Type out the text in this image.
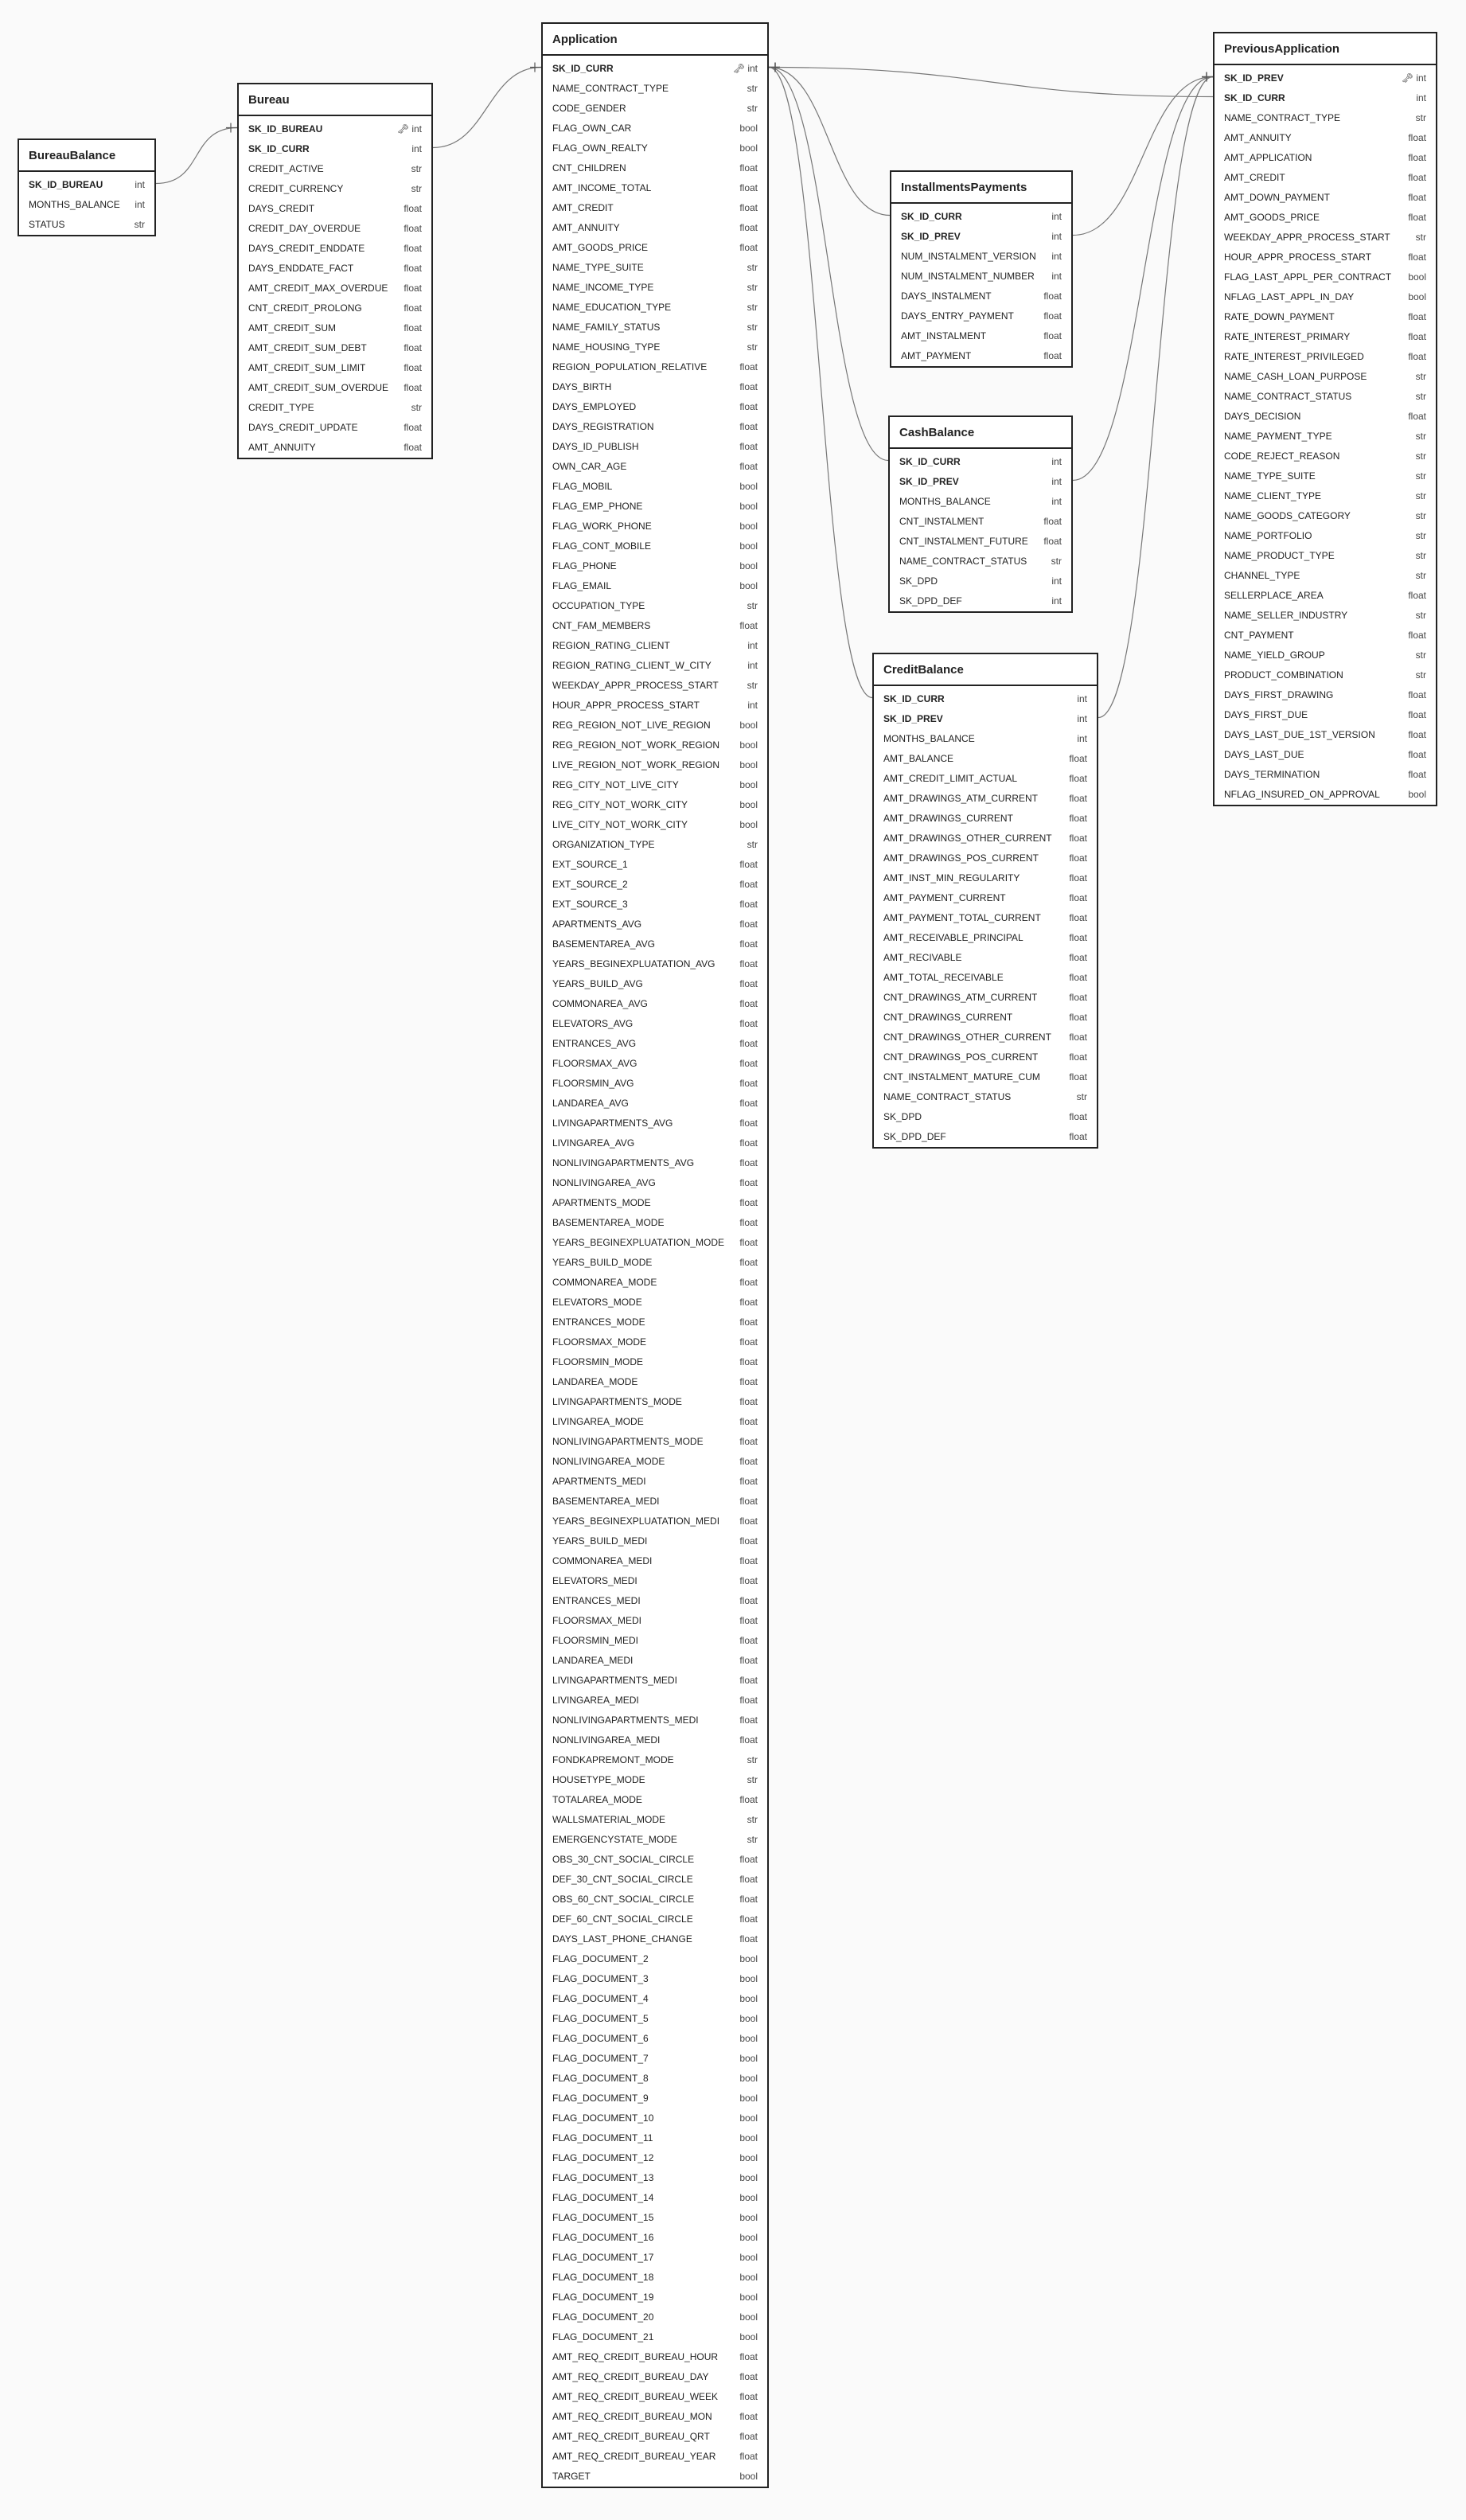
BureauBalance
SK_ID_BUREAU	int
MONTHS_BALANCE	int
STATUS	str
Bureau
SK_ID_BUREAU	🗝 int
SK_ID_CURR	int
CREDIT_ACTIVE	str
CREDIT_CURRENCY	str
DAYS_CREDIT	float
CREDIT_DAY_OVERDUE	float
DAYS_CREDIT_ENDDATE	float
DAYS_ENDDATE_FACT	float
AMT_CREDIT_MAX_OVERDUE	float
CNT_CREDIT_PROLONG	float
AMT_CREDIT_SUM	float
AMT_CREDIT_SUM_DEBT	float
AMT_CREDIT_SUM_LIMIT	float
AMT_CREDIT_SUM_OVERDUE	float
CREDIT_TYPE	str
DAYS_CREDIT_UPDATE	float
AMT_ANNUITY	float
Application
SK_ID_CURR	🗝 int
NAME_CONTRACT_TYPE	str
CODE_GENDER	str
FLAG_OWN_CAR	bool
FLAG_OWN_REALTY	bool
CNT_CHILDREN	float
AMT_INCOME_TOTAL	float
AMT_CREDIT	float
AMT_ANNUITY	float
AMT_GOODS_PRICE	float
NAME_TYPE_SUITE	str
NAME_INCOME_TYPE	str
NAME_EDUCATION_TYPE	str
NAME_FAMILY_STATUS	str
NAME_HOUSING_TYPE	str
REGION_POPULATION_RELATIVE	float
DAYS_BIRTH	float
DAYS_EMPLOYED	float
DAYS_REGISTRATION	float
DAYS_ID_PUBLISH	float
OWN_CAR_AGE	float
FLAG_MOBIL	bool
FLAG_EMP_PHONE	bool
FLAG_WORK_PHONE	bool
FLAG_CONT_MOBILE	bool
FLAG_PHONE	bool
FLAG_EMAIL	bool
OCCUPATION_TYPE	str
CNT_FAM_MEMBERS	float
REGION_RATING_CLIENT	int
REGION_RATING_CLIENT_W_CITY	int
WEEKDAY_APPR_PROCESS_START	str
HOUR_APPR_PROCESS_START	int
REG_REGION_NOT_LIVE_REGION	bool
REG_REGION_NOT_WORK_REGION	bool
LIVE_REGION_NOT_WORK_REGION	bool
REG_CITY_NOT_LIVE_CITY	bool
REG_CITY_NOT_WORK_CITY	bool
LIVE_CITY_NOT_WORK_CITY	bool
ORGANIZATION_TYPE	str
EXT_SOURCE_1	float
EXT_SOURCE_2	float
EXT_SOURCE_3	float
APARTMENTS_AVG	float
BASEMENTAREA_AVG	float
YEARS_BEGINEXPLUATATION_AVG	float
YEARS_BUILD_AVG	float
COMMONAREA_AVG	float
ELEVATORS_AVG	float
ENTRANCES_AVG	float
FLOORSMAX_AVG	float
FLOORSMIN_AVG	float
LANDAREA_AVG	float
LIVINGAPARTMENTS_AVG	float
LIVINGAREA_AVG	float
NONLIVINGAPARTMENTS_AVG	float
NONLIVINGAREA_AVG	float
APARTMENTS_MODE	float
BASEMENTAREA_MODE	float
YEARS_BEGINEXPLUATATION_MODE	float
YEARS_BUILD_MODE	float
COMMONAREA_MODE	float
ELEVATORS_MODE	float
ENTRANCES_MODE	float
FLOORSMAX_MODE	float
FLOORSMIN_MODE	float
LANDAREA_MODE	float
LIVINGAPARTMENTS_MODE	float
LIVINGAREA_MODE	float
NONLIVINGAPARTMENTS_MODE	float
NONLIVINGAREA_MODE	float
APARTMENTS_MEDI	float
BASEMENTAREA_MEDI	float
YEARS_BEGINEXPLUATATION_MEDI	float
YEARS_BUILD_MEDI	float
COMMONAREA_MEDI	float
ELEVATORS_MEDI	float
ENTRANCES_MEDI	float
FLOORSMAX_MEDI	float
FLOORSMIN_MEDI	float
LANDAREA_MEDI	float
LIVINGAPARTMENTS_MEDI	float
LIVINGAREA_MEDI	float
NONLIVINGAPARTMENTS_MEDI	float
NONLIVINGAREA_MEDI	float
FONDKAPREMONT_MODE	str
HOUSETYPE_MODE	str
TOTALAREA_MODE	float
WALLSMATERIAL_MODE	str
EMERGENCYSTATE_MODE	str
OBS_30_CNT_SOCIAL_CIRCLE	float
DEF_30_CNT_SOCIAL_CIRCLE	float
OBS_60_CNT_SOCIAL_CIRCLE	float
DEF_60_CNT_SOCIAL_CIRCLE	float
DAYS_LAST_PHONE_CHANGE	float
FLAG_DOCUMENT_2	bool
FLAG_DOCUMENT_3	bool
FLAG_DOCUMENT_4	bool
FLAG_DOCUMENT_5	bool
FLAG_DOCUMENT_6	bool
FLAG_DOCUMENT_7	bool
FLAG_DOCUMENT_8	bool
FLAG_DOCUMENT_9	bool
FLAG_DOCUMENT_10	bool
FLAG_DOCUMENT_11	bool
FLAG_DOCUMENT_12	bool
FLAG_DOCUMENT_13	bool
FLAG_DOCUMENT_14	bool
FLAG_DOCUMENT_15	bool
FLAG_DOCUMENT_16	bool
FLAG_DOCUMENT_17	bool
FLAG_DOCUMENT_18	bool
FLAG_DOCUMENT_19	bool
FLAG_DOCUMENT_20	bool
FLAG_DOCUMENT_21	bool
AMT_REQ_CREDIT_BUREAU_HOUR	float
AMT_REQ_CREDIT_BUREAU_DAY	float
AMT_REQ_CREDIT_BUREAU_WEEK	float
AMT_REQ_CREDIT_BUREAU_MON	float
AMT_REQ_CREDIT_BUREAU_QRT	float
AMT_REQ_CREDIT_BUREAU_YEAR	float
TARGET	bool
InstallmentsPayments
SK_ID_CURR	int
SK_ID_PREV	int
NUM_INSTALMENT_VERSION	int
NUM_INSTALMENT_NUMBER	int
DAYS_INSTALMENT	float
DAYS_ENTRY_PAYMENT	float
AMT_INSTALMENT	float
AMT_PAYMENT	float
CashBalance
SK_ID_CURR	int
SK_ID_PREV	int
MONTHS_BALANCE	int
CNT_INSTALMENT	float
CNT_INSTALMENT_FUTURE	float
NAME_CONTRACT_STATUS	str
SK_DPD	int
SK_DPD_DEF	int
CreditBalance
SK_ID_CURR	int
SK_ID_PREV	int
MONTHS_BALANCE	int
AMT_BALANCE	float
AMT_CREDIT_LIMIT_ACTUAL	float
AMT_DRAWINGS_ATM_CURRENT	float
AMT_DRAWINGS_CURRENT	float
AMT_DRAWINGS_OTHER_CURRENT	float
AMT_DRAWINGS_POS_CURRENT	float
AMT_INST_MIN_REGULARITY	float
AMT_PAYMENT_CURRENT	float
AMT_PAYMENT_TOTAL_CURRENT	float
AMT_RECEIVABLE_PRINCIPAL	float
AMT_RECIVABLE	float
AMT_TOTAL_RECEIVABLE	float
CNT_DRAWINGS_ATM_CURRENT	float
CNT_DRAWINGS_CURRENT	float
CNT_DRAWINGS_OTHER_CURRENT	float
CNT_DRAWINGS_POS_CURRENT	float
CNT_INSTALMENT_MATURE_CUM	float
NAME_CONTRACT_STATUS	str
SK_DPD	float
SK_DPD_DEF	float
PreviousApplication
SK_ID_PREV	🗝 int
SK_ID_CURR	int
NAME_CONTRACT_TYPE	str
AMT_ANNUITY	float
AMT_APPLICATION	float
AMT_CREDIT	float
AMT_DOWN_PAYMENT	float
AMT_GOODS_PRICE	float
WEEKDAY_APPR_PROCESS_START	str
HOUR_APPR_PROCESS_START	float
FLAG_LAST_APPL_PER_CONTRACT	bool
NFLAG_LAST_APPL_IN_DAY	bool
RATE_DOWN_PAYMENT	float
RATE_INTEREST_PRIMARY	float
RATE_INTEREST_PRIVILEGED	float
NAME_CASH_LOAN_PURPOSE	str
NAME_CONTRACT_STATUS	str
DAYS_DECISION	float
NAME_PAYMENT_TYPE	str
CODE_REJECT_REASON	str
NAME_TYPE_SUITE	str
NAME_CLIENT_TYPE	str
NAME_GOODS_CATEGORY	str
NAME_PORTFOLIO	str
NAME_PRODUCT_TYPE	str
CHANNEL_TYPE	str
SELLERPLACE_AREA	float
NAME_SELLER_INDUSTRY	str
CNT_PAYMENT	float
NAME_YIELD_GROUP	str
PRODUCT_COMBINATION	str
DAYS_FIRST_DRAWING	float
DAYS_FIRST_DUE	float
DAYS_LAST_DUE_1ST_VERSION	float
DAYS_LAST_DUE	float
DAYS_TERMINATION	float
NFLAG_INSURED_ON_APPROVAL	bool
